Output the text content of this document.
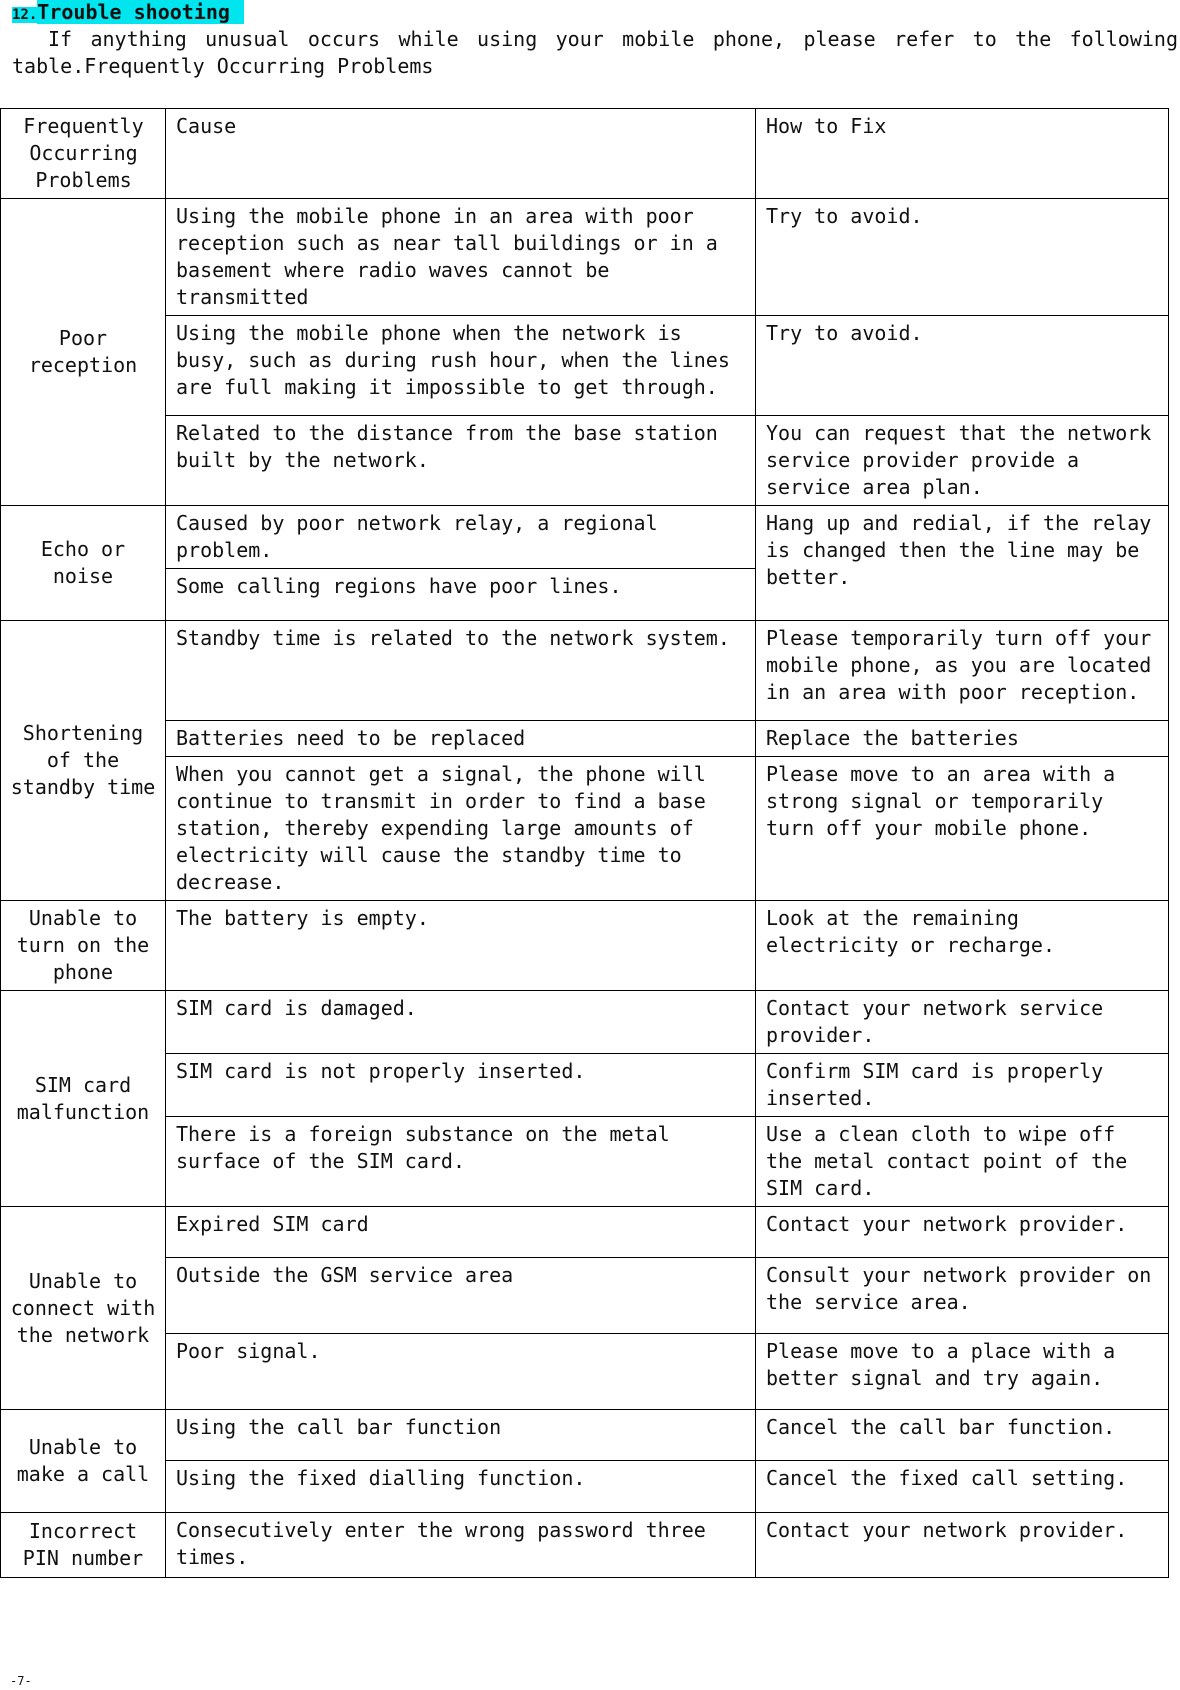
12.Trouble shooting
If anything unusual occurs while using your mobile phone, please refer to the following table.Frequently Occurring Problems
Frequently Occurring Problems	Cause	How to Fix
Poor reception	Using the mobile phone in an area with poor reception such as near tall buildings or in a basement where radio waves cannot be transmitted	Try to avoid.
	Using the mobile phone when the network is busy, such as during rush hour, when the lines are full making it impossible to get through.	Try to avoid.
	Related to the distance from the base station built by the network.	You can request that the network service provider provide a service area plan.
Echo or noise	Caused by poor network relay, a regional problem.	Hang up and redial, if the relay is changed then the line may be better.
	Some calling regions have poor lines.	
Shortening of the standby time	Standby time is related to the network system.	Please temporarily turn off your mobile phone, as you are located in an area with poor reception.
	Batteries need to be replaced	Replace the batteries
	When you cannot get a signal, the phone will continue to transmit in order to find a base station, thereby expending large amounts of electricity will cause the standby time to decrease.	Please move to an area with a strong signal or temporarily turn off your mobile phone.
Unable to turn on the phone	The battery is empty.	Look at the remaining electricity or recharge.
SIM card malfunction	SIM card is damaged.	Contact your network service provider.
	SIM card is not properly inserted.	Confirm SIM card is properly inserted.
	There is a foreign substance on the metal surface of the SIM card.	Use a clean cloth to wipe off the metal contact point of the SIM card.
Unable to connect with the network	Expired SIM card	Contact your network provider.
	Outside the GSM service area	Consult your network provider on the service area.
	Poor signal.	Please move to a place with a better signal and try again.
Unable to make a call	Using the call bar function	Cancel the call bar function.
	Using the fixed dialling function.	Cancel the fixed call setting.
Incorrect PIN number	Consecutively enter the wrong password three times.	Contact your network provider.
-7-
